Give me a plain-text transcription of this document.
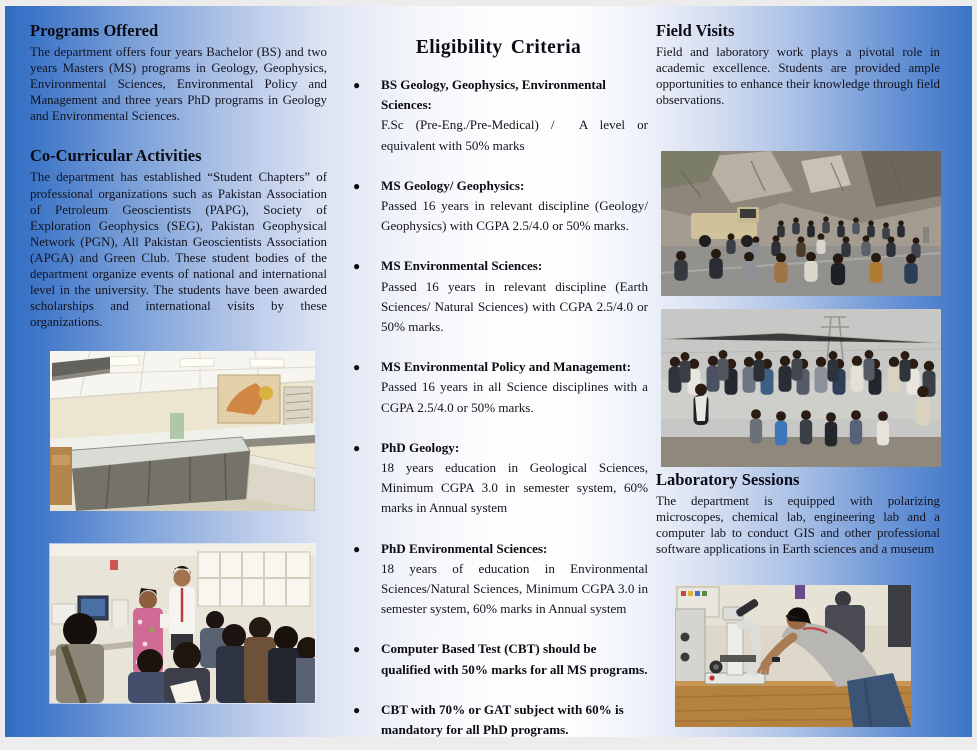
Programs Offered

The department offers four years Bachelor (BS) and two years Masters (MS) programs in Geology, Geophysics, Environmental Sciences, Environmental Policy and Management and three years PhD programs in Geology and Environmental Sciences.

Co-Curricular Activities

The department has established “Student Chapters” of professional organizations such as Pakistan Association of Petroleum Geoscientists (PAPG), Society of Exploration Geophysics (SEG), Pakistan Geophysical Network (PGN), All Pakistan Geoscientists Association (APGA) and Green Club. These student bodies of the department organize events of national and international level in the university. The students have been awarded scholarships and international visits by these organizations.

Eligibility Criteria
●	BS Geology, Geophysics, Environmental Sciences:
F.Sc (Pre-Eng./Pre-Medical) /  A level or equivalent with 50% marks
●	MS Geology/ Geophysics:
Passed 16 years in relevant discipline (Geology/ Geophysics) with CGPA 2.5/4.0 or 50% marks.
●	MS Environmental Sciences:
Passed 16 years in relevant discipline (Earth Sciences/ Natural Sciences) with CGPA 2.5/4.0 or 50% marks.
●	MS Environmental Policy and Management:
Passed 16 years in all Science disciplines with a CGPA 2.5/4.0 or 50% marks.
●	PhD Geology:
18 years education in Geological Sciences, Minimum CGPA 3.0 in semester system, 60% marks in Annual system
●	PhD Environmental Sciences:
18 years of education in Environmental Sciences/Natural Sciences, Minimum CGPA 3.0 in semester system, 60% marks in Annual system
●	Computer Based Test (CBT) should be qualified with 50% marks for all MS programs.
●	CBT with 70% or GAT subject with 60% is mandatory for all PhD programs.
Field Visits

Field and laboratory work plays a pivotal role in academic excellence. Students are provided ample opportunities to enhance their knowledge through field observations.

Laboratory Sessions

The department is equipped with polarizing microscopes, chemical lab, engineering lab and a computer lab to conduct GIS and other professional software applications in Earth sciences and a museum
